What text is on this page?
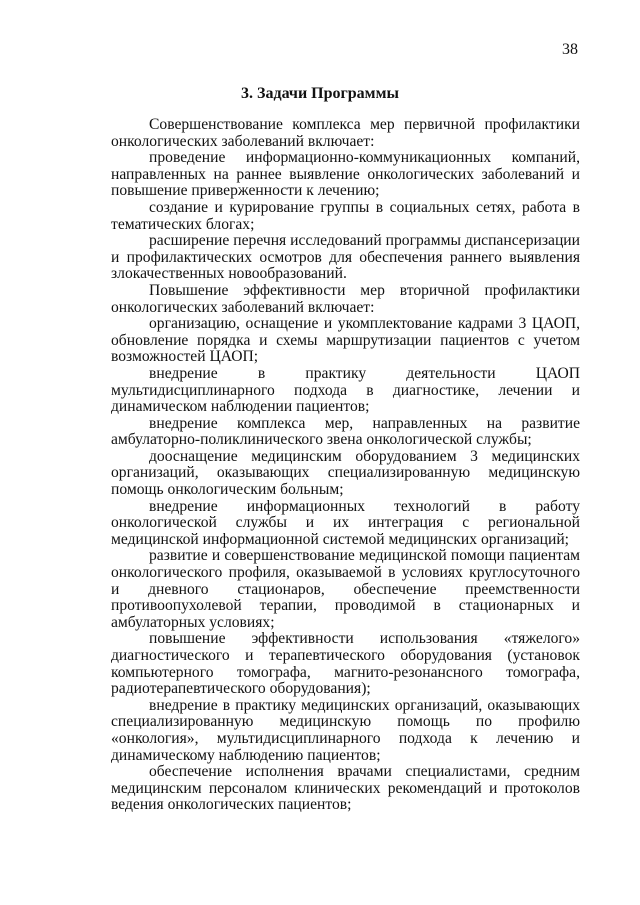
38
3. Задачи Программы

Совершенствование комплекса мер первичной профилактики онкологических заболеваний включает:

проведение информационно-коммуникационных компаний, направленных на раннее выявление онкологических заболеваний и повышение приверженности к лечению;

создание и курирование группы в социальных сетях, работа в тематических блогах;

расширение перечня исследований программы диспансеризации и профилактических осмотров для обеспечения раннего выявления злокачественных новообразований.

Повышение эффективности мер вторичной профилактики онкологических заболеваний включает:

организацию, оснащение и укомплектование кадрами 3 ЦАОП, обновление порядка и схемы маршрутизации пациентов с учетом возможностей ЦАОП;

внедрение в практику деятельности ЦАОП мультидисциплинарного подхода в диагностике, лечении и динамическом наблюдении пациентов;

внедрение комплекса мер, направленных на развитие амбулаторно-поликлинического звена онкологической службы;

дооснащение медицинским оборудованием 3 медицинских организаций, оказывающих специализированную медицинскую помощь онкологическим больным;

внедрение информационных технологий в работу онкологической службы и их интеграция с региональной медицинской информационной системой медицинских организаций;

развитие и совершенствование медицинской помощи пациентам онкологического профиля, оказываемой в условиях круглосуточного и дневного стационаров, обеспечение преемственности противоопухолевой терапии, проводимой в стационарных и амбулаторных условиях;

повышение эффективности использования «тяжелого» диагностического и терапевтического оборудования (установок компьютерного томографа, магнито-резонансного томографа, радиотерапевтического оборудования);

внедрение в практику медицинских организаций, оказывающих специализированную медицинскую помощь по профилю «онкология», мультидисциплинарного подхода к лечению и динамическому наблюдению пациентов;

обеспечение исполнения врачами специалистами, средним медицинским персоналом клинических рекомендаций и протоколов ведения онкологических пациентов;
